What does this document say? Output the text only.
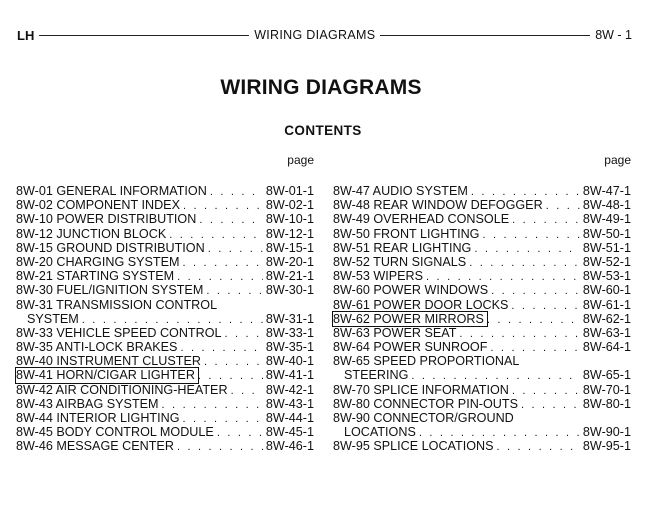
LH	WIRING DIAGRAMS	8W - 1
WIRING DIAGRAMS
CONTENTS
page
8W-01 GENERAL INFORMATION . . .	8W-01-1
8W-02 COMPONENT INDEX . . .	8W-02-1
8W-10 POWER DISTRIBUTION . . .	8W-10-1
8W-12 JUNCTION BLOCK . . .	8W-12-1
8W-15 GROUND DISTRIBUTION . . .	8W-15-1
8W-20 CHARGING SYSTEM . . .	8W-20-1
8W-21 STARTING SYSTEM . . .	8W-21-1
8W-30 FUEL/IGNITION SYSTEM . . .	8W-30-1
8W-31 TRANSMISSION CONTROL
SYSTEM . . .	8W-31-1
8W-33 VEHICLE SPEED CONTROL . . .	8W-33-1
8W-35 ANTI-LOCK BRAKES . . .	8W-35-1
8W-40 INSTRUMENT CLUSTER . . .	8W-40-1
8W-41 HORN/CIGAR LIGHTER . . .	8W-41-1
8W-42 AIR CONDITIONING-HEATER . . .	8W-42-1
8W-43 AIRBAG SYSTEM . . .	8W-43-1
8W-44 INTERIOR LIGHTING . . .	8W-44-1
8W-45 BODY CONTROL MODULE . . .	8W-45-1
8W-46 MESSAGE CENTER . . .	8W-46-1
page
8W-47 AUDIO SYSTEM . . .	8W-47-1
8W-48 REAR WINDOW DEFOGGER . . .	8W-48-1
8W-49 OVERHEAD CONSOLE . . .	8W-49-1
8W-50 FRONT LIGHTING . . .	8W-50-1
8W-51 REAR LIGHTING . . .	8W-51-1
8W-52 TURN SIGNALS . . .	8W-52-1
8W-53 WIPERS . . .	8W-53-1
8W-60 POWER WINDOWS . . .	8W-60-1
8W-61 POWER DOOR LOCKS . . .	8W-61-1
8W-62 POWER MIRRORS . . .	8W-62-1
8W-63 POWER SEAT . . .	8W-63-1
8W-64 POWER SUNROOF . . .	8W-64-1
8W-65 SPEED PROPORTIONAL
STEERING . . .	8W-65-1
8W-70 SPLICE INFORMATION . . .	8W-70-1
8W-80 CONNECTOR PIN-OUTS . . .	8W-80-1
8W-90 CONNECTOR/GROUND
LOCATIONS . . .	8W-90-1
8W-95 SPLICE LOCATIONS . . .	8W-95-1
